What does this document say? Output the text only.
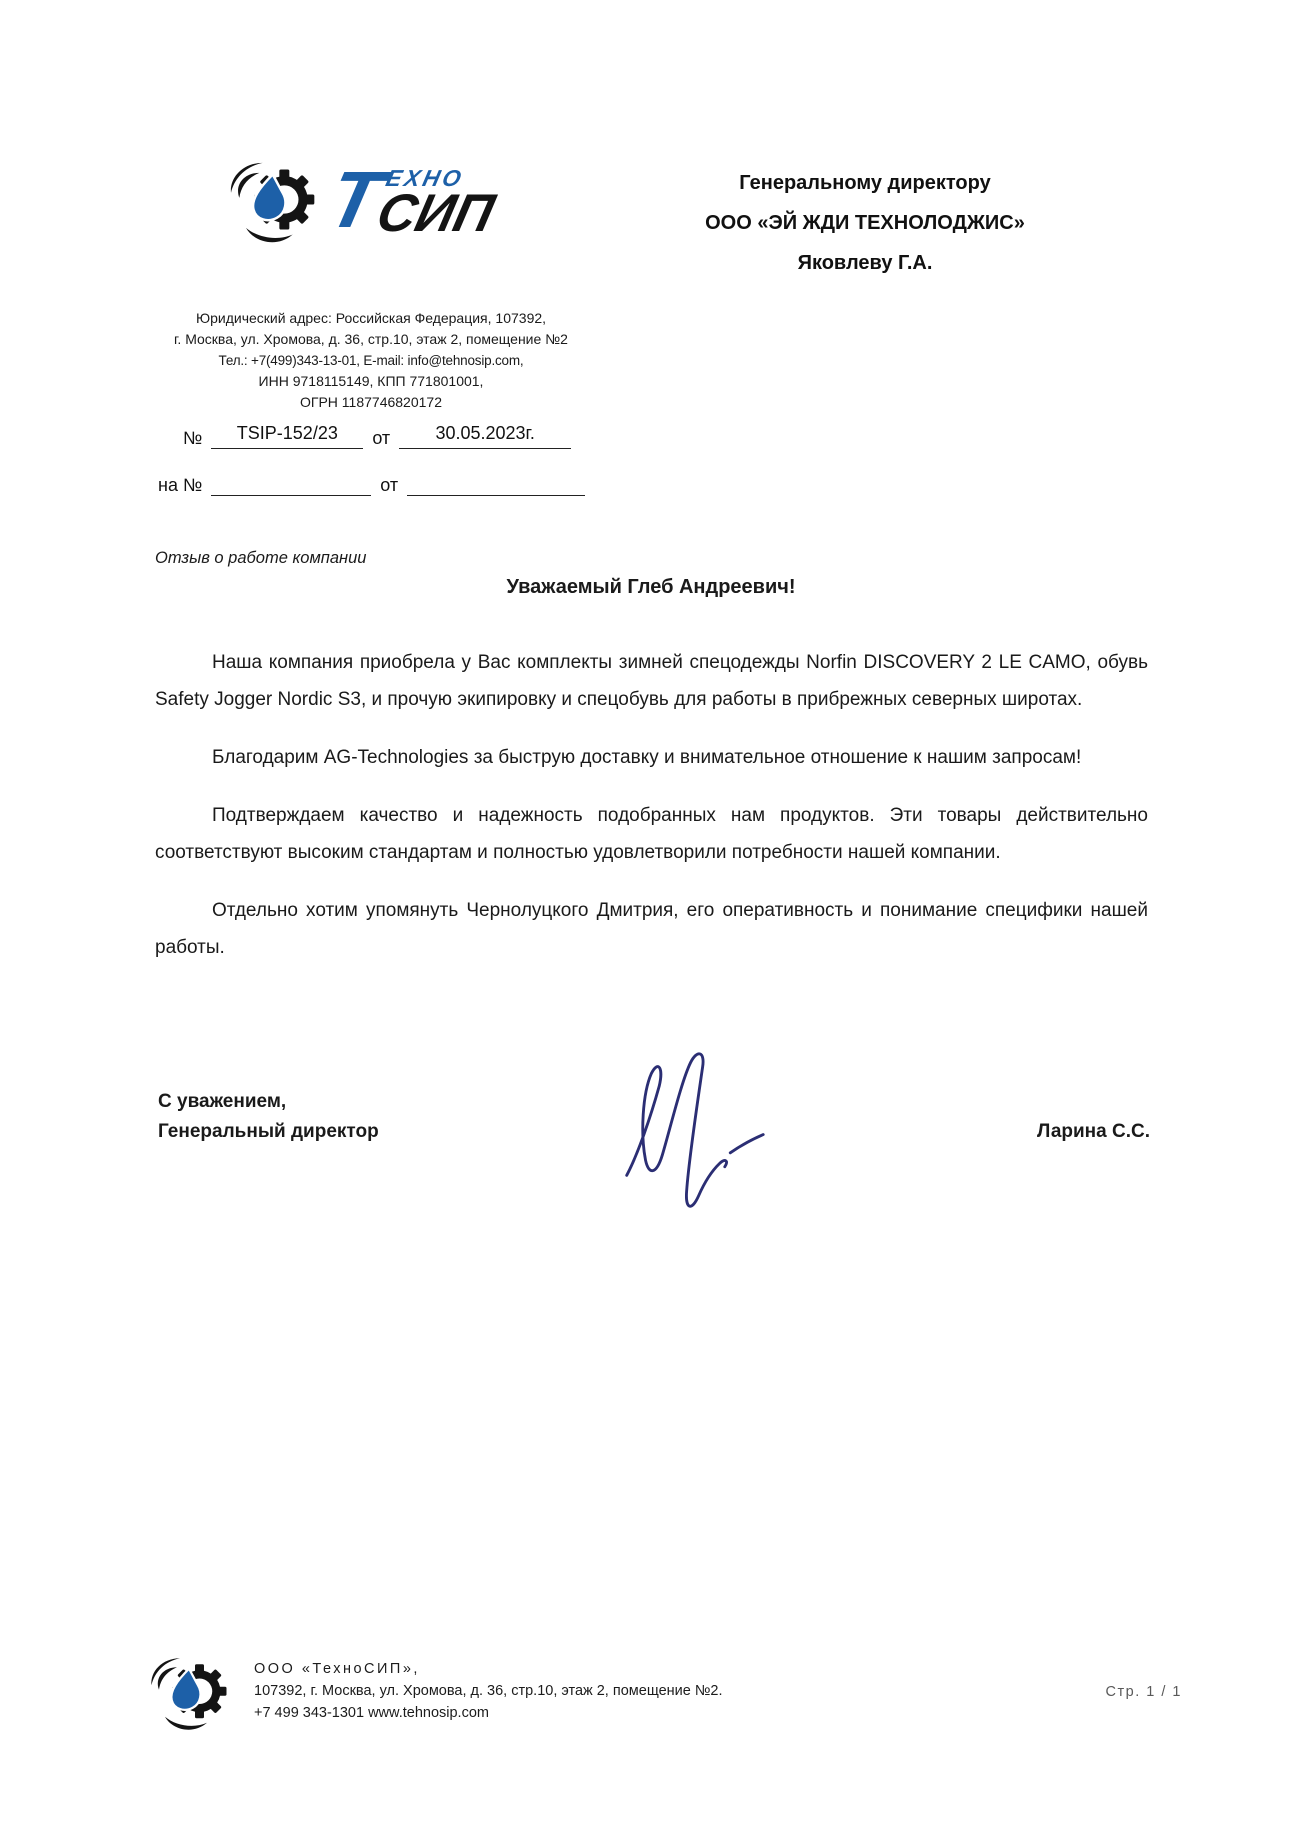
Т
ЕХНО
СИП
Генеральному директору
ООО «ЭЙ ЖДИ ТЕХНОЛОДЖИС»
Яковлеву Г.А.
Юридический адрес: Российская Федерация, 107392,
г. Москва, ул. Хромова, д. 36, стр.10, этаж 2, помещение №2
Тел.: +7(499)343-13-01, E-mail: info@tehnosip.com,
ИНН 9718115149, КПП 771801001,
ОГРН 1187746820172
№	TSIP-152/23	от	30.05.2023г.
на №	от
Отзыв о работе компании
Уважаемый Глеб Андреевич!

Наша компания приобрела у Вас комплекты зимней спецодежды Norfin DISCOVERY 2 LE CAMO, обувь Safety Jogger Nordic S3, и прочую экипировку и спецобувь для работы в прибрежных северных широтах.

Благодарим AG-Technologies за быструю доставку и внимательное отношение к нашим запросам!

Подтверждаем качество и надежность подобранных нам продуктов. Эти товары действительно соответствуют высоким стандартам и полностью удовлетворили потребности нашей компании.

Отдельно хотим упомянуть Чернолуцкого Дмитрия, его оперативность и понимание специфики нашей работы.

С уважением,
Генеральный директор	Ларина С.С.
ООО «ТехноСИП»,
107392, г. Москва, ул. Хромова, д. 36, стр.10, этаж 2, помещение №2.
+7 499 343-1301 www.tehnosip.com
Стр. 1 / 1
